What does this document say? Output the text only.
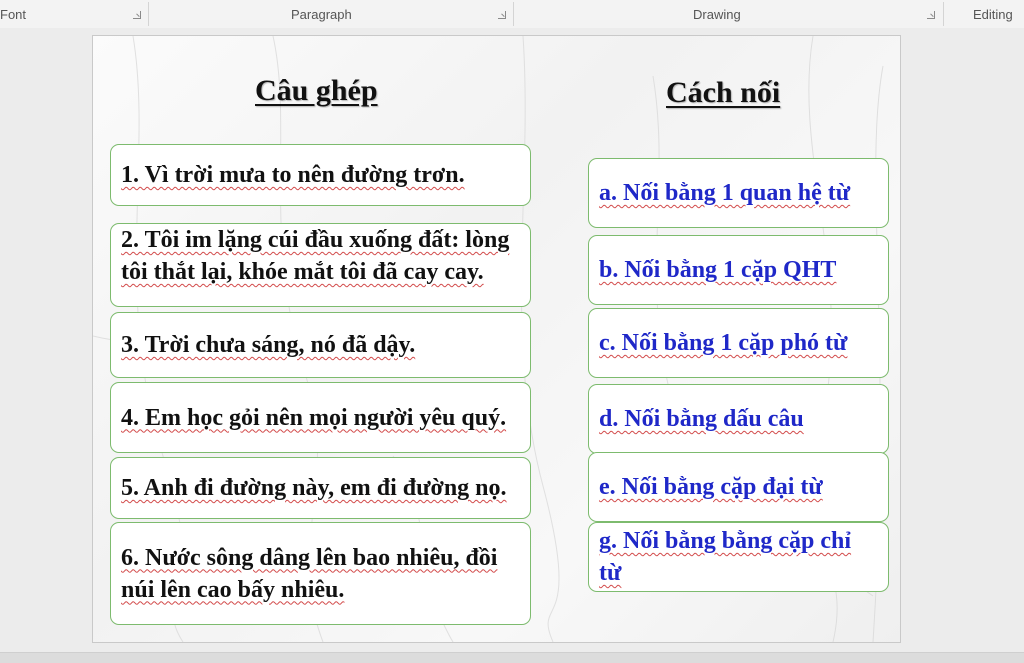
Font	Paragraph	Drawing	Editing
Câu ghép	Cách nối
1. Vì trời mưa to nên đường trơn.
2. Tôi im lặng cúi đầu xuống đất: lòng tôi thắt lại, khóe mắt tôi đã cay cay.
3. Trời chưa sáng, nó đã dậy.
4. Em học gỏi nên mọi người yêu quý.
5. Anh đi đường này, em đi đường nọ.
6. Nước sông dâng lên bao nhiêu, đồi núi lên cao bấy nhiêu.
a. Nối bằng 1 quan hệ từ
b. Nối bằng 1 cặp QHT
c. Nối bằng 1 cặp phó từ
d. Nối bằng dấu câu
e. Nối bằng cặp đại từ
g. Nối bằng bằng cặp chỉ từ
